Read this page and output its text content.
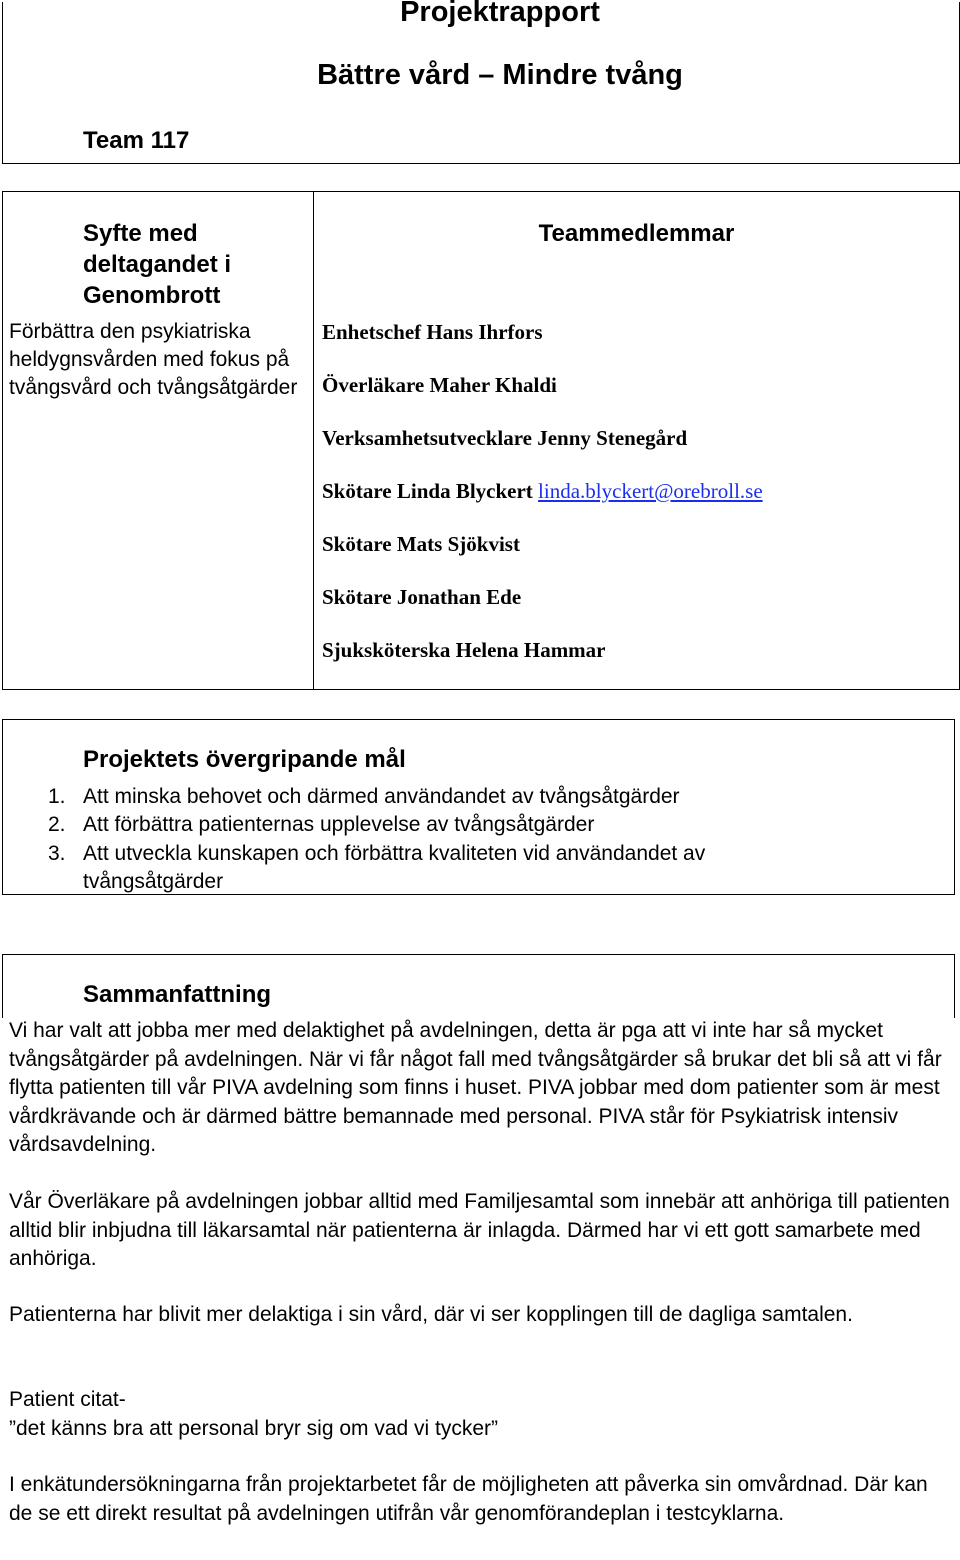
Projektrapport
Bättre vård – Mindre tvång
Team 117
Syfte med deltagandet i Genombrott
Förbättra den psykiatriska heldygnsvården med fokus på tvångsvård och tvångsåtgärder
Teammedlemmar
Enhetschef Hans Ihrfors
Överläkare Maher Khaldi
Verksamhetsutvecklare Jenny Stenegård
Skötare Linda Blyckert linda.blyckert@orebroll.se
Skötare Mats Sjökvist
Skötare Jonathan Ede
Sjuksköterska Helena Hammar
Projektets övergripande mål
1. Att minska behovet och därmed användandet av tvångsåtgärder
2. Att förbättra patienternas upplevelse av tvångsåtgärder
3. Att utveckla kunskapen och förbättra kvaliteten vid användandet av tvångsåtgärder
Sammanfattning
Vi har valt att jobba mer med delaktighet på avdelningen, detta är pga att vi inte har så mycket tvångsåtgärder på avdelningen. När vi får något fall med tvångsåtgärder så brukar det bli så att vi får flytta patienten till vår PIVA avdelning som finns i huset. PIVA jobbar med dom patienter som är mest vårdkrävande och är därmed bättre bemannade med personal. PIVA står för Psykiatrisk intensiv vårdsavdelning.
Vår Överläkare på avdelningen jobbar alltid med Familjesamtal som innebär att anhöriga till patienten alltid blir inbjudna till läkarsamtal när patienterna är inlagda. Därmed har vi ett gott samarbete med anhöriga.
Patienterna har blivit mer delaktiga i sin vård, där vi ser kopplingen till de dagliga samtalen.
Patient citat-
”det känns bra att personal bryr sig om vad vi tycker”
I enkätundersökningarna från projektarbetet får de möjligheten att påverka sin omvårdnad. Där kan de se ett direkt resultat på avdelningen utifrån vår genomförandeplan i testcyklarna.
